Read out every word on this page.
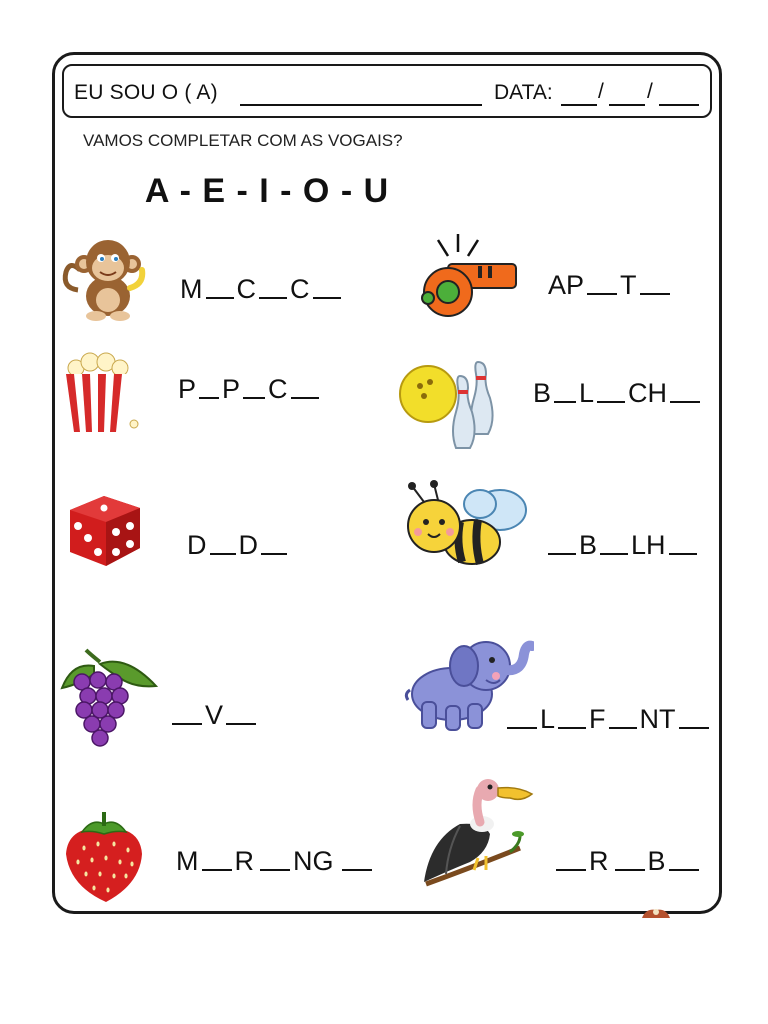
EU SOU O ( A)	DATA: / /
VAMOS COMPLETAR COM AS VOGAIS?
A - E - I - O - U
M C C	AP T
P P C	B L CH
D D	B LH
V	L F NT
M R NG	R B
